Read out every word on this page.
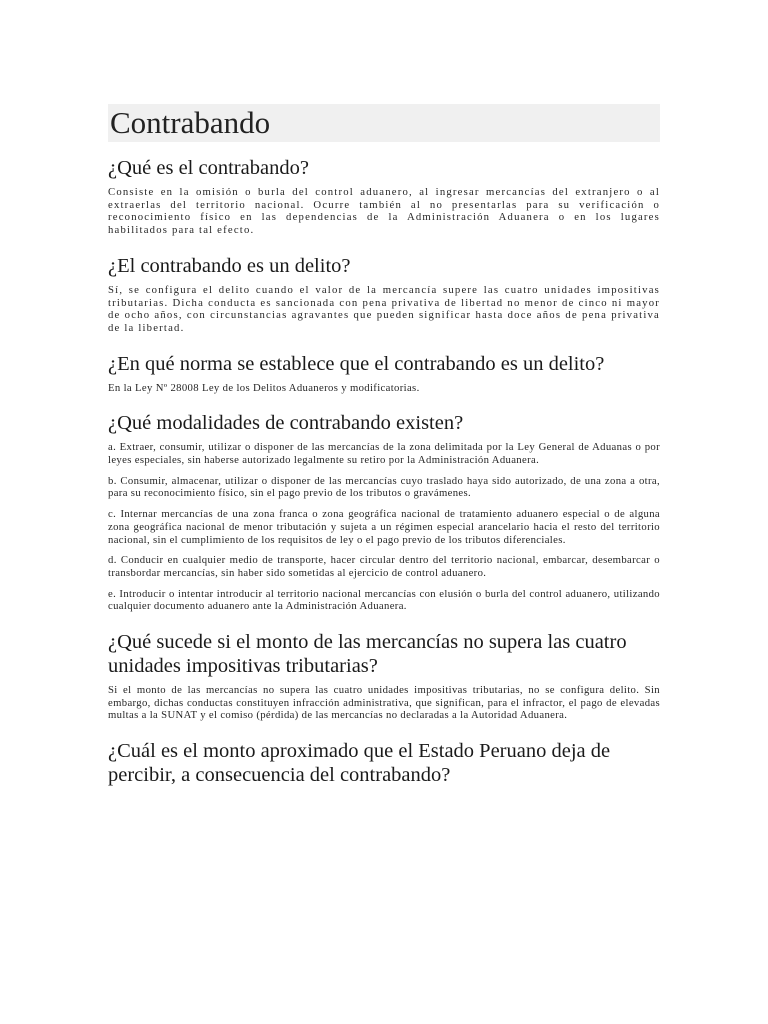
Contrabando
¿Qué es el contrabando?

Consiste en la omisión o burla del control aduanero, al ingresar mercancías del extranjero o al extraerlas del territorio nacional. Ocurre también al no presentarlas para su verificación o reconocimiento físico en las dependencias de la Administración Aduanera o en los lugares habilitados para tal efecto.

¿El contrabando es un delito?

Sí, se configura el delito cuando el valor de la mercancía supere las cuatro unidades impositivas tributarias. Dicha conducta es sancionada con pena privativa de libertad no menor de cinco ni mayor de ocho años, con circunstancias agravantes que pueden significar hasta doce años de pena privativa de la libertad.

¿En qué norma se establece que el contrabando es un delito?

En la Ley Nº 28008 Ley de los Delitos Aduaneros y modificatorias.

¿Qué modalidades de contrabando existen?

a. Extraer, consumir, utilizar o disponer de las mercancías de la zona delimitada por la Ley General de Aduanas o por leyes especiales, sin haberse autorizado legalmente su retiro por la Administración Aduanera.

b. Consumir, almacenar, utilizar o disponer de las mercancías cuyo traslado haya sido autorizado, de una zona a otra, para su reconocimiento físico, sin el pago previo de los tributos o gravámenes.

c. Internar mercancías de una zona franca o zona geográfica nacional de tratamiento aduanero especial o de alguna zona geográfica nacional de menor tributación y sujeta a un régimen especial arancelario hacia el resto del territorio nacional, sin el cumplimiento de los requisitos de ley o el pago previo de los tributos diferenciales.

d. Conducir en cualquier medio de transporte, hacer circular dentro del territorio nacional, embarcar, desembarcar o transbordar mercancías, sin haber sido sometidas al ejercicio de control aduanero.

e. Introducir o intentar introducir al territorio nacional mercancías con elusión o burla del control aduanero, utilizando cualquier documento aduanero ante la Administración Aduanera.

¿Qué sucede si el monto de las mercancías no supera las cuatro unidades impositivas tributarias?

Si el monto de las mercancías no supera las cuatro unidades impositivas tributarias, no se configura delito. Sin embargo, dichas conductas constituyen infracción administrativa, que significan, para el infractor, el pago de elevadas multas a la SUNAT y el comiso (pérdida) de las mercancías no declaradas a la Autoridad Aduanera.

¿Cuál es el monto aproximado que el Estado Peruano deja de percibir, a consecuencia del contrabando?
